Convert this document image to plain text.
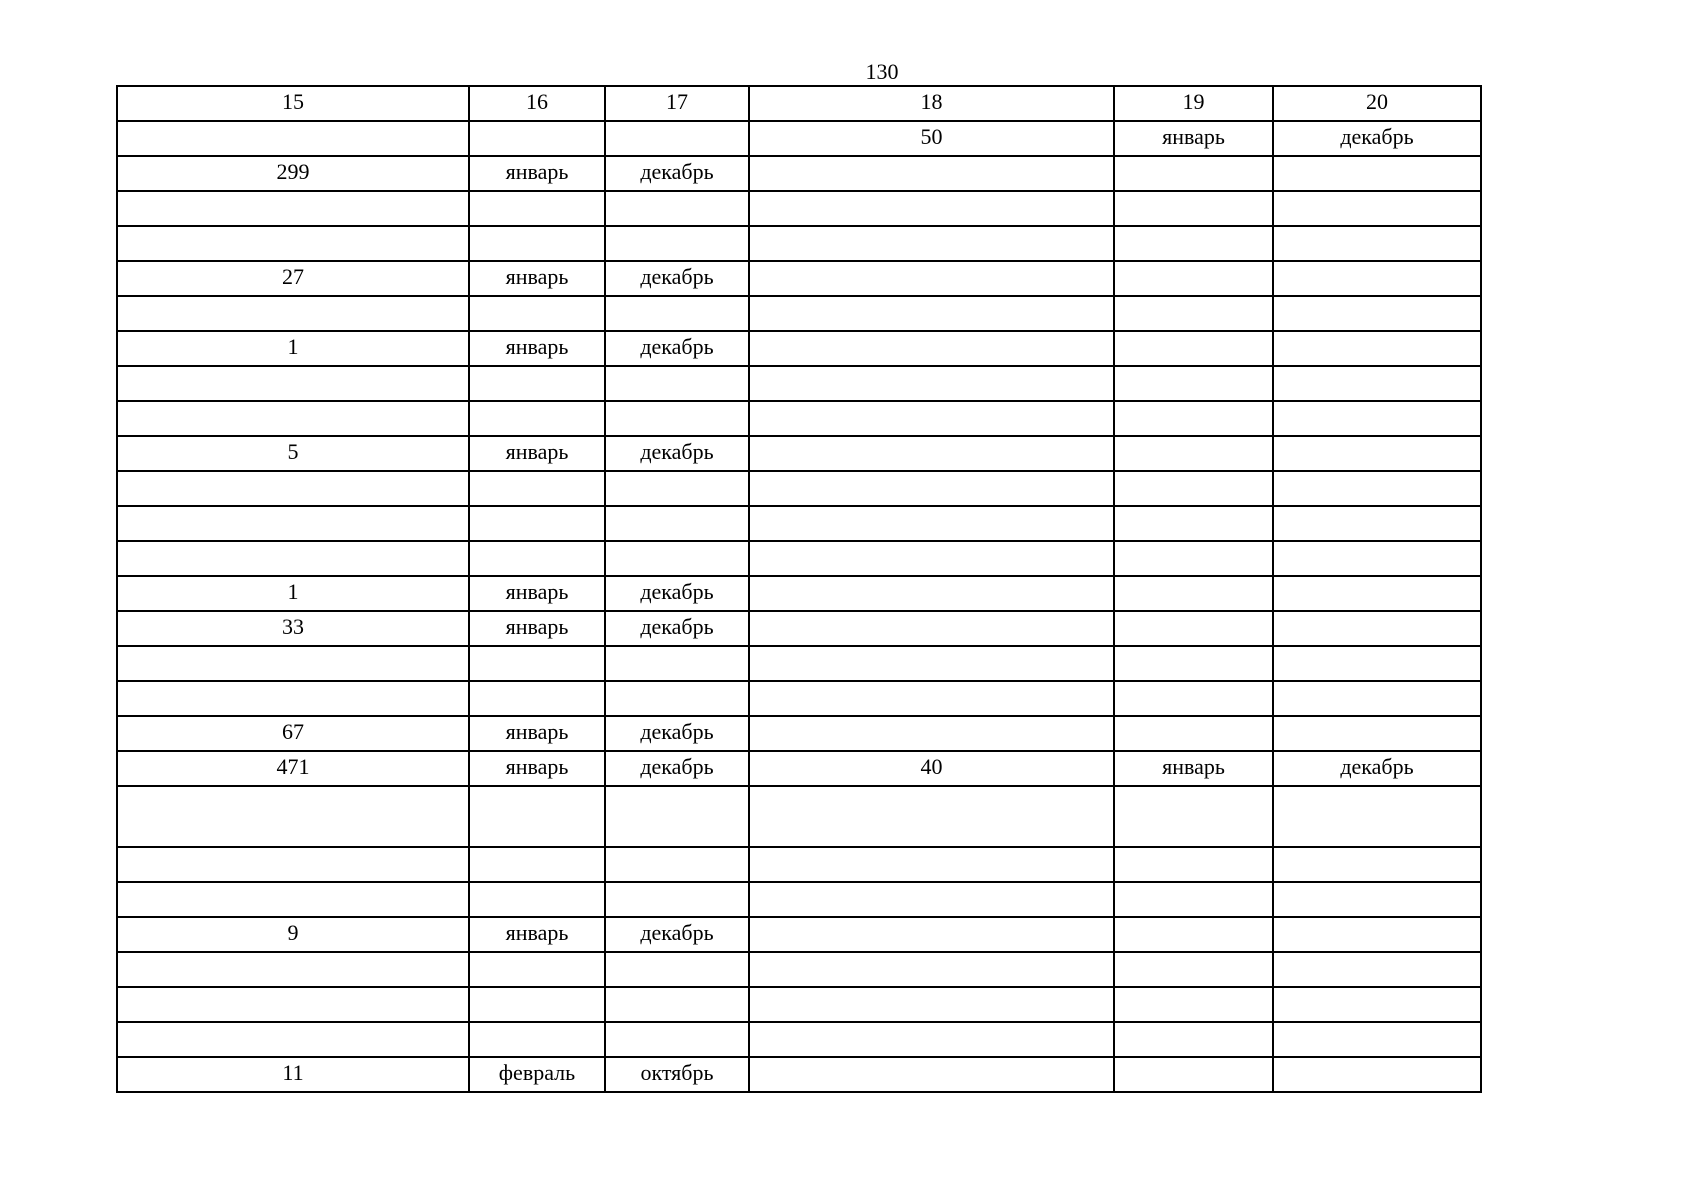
130
15	16	17	18	19	20
			50	январь	декабрь
299	январь	декабрь			

27	январь	декабрь			

1	январь	декабрь			

5	январь	декабрь			

1	январь	декабрь			
33	январь	декабрь			

67	январь	декабрь			
471	январь	декабрь	40	январь	декабрь

9	январь	декабрь			

11	февраль	октябрь			
